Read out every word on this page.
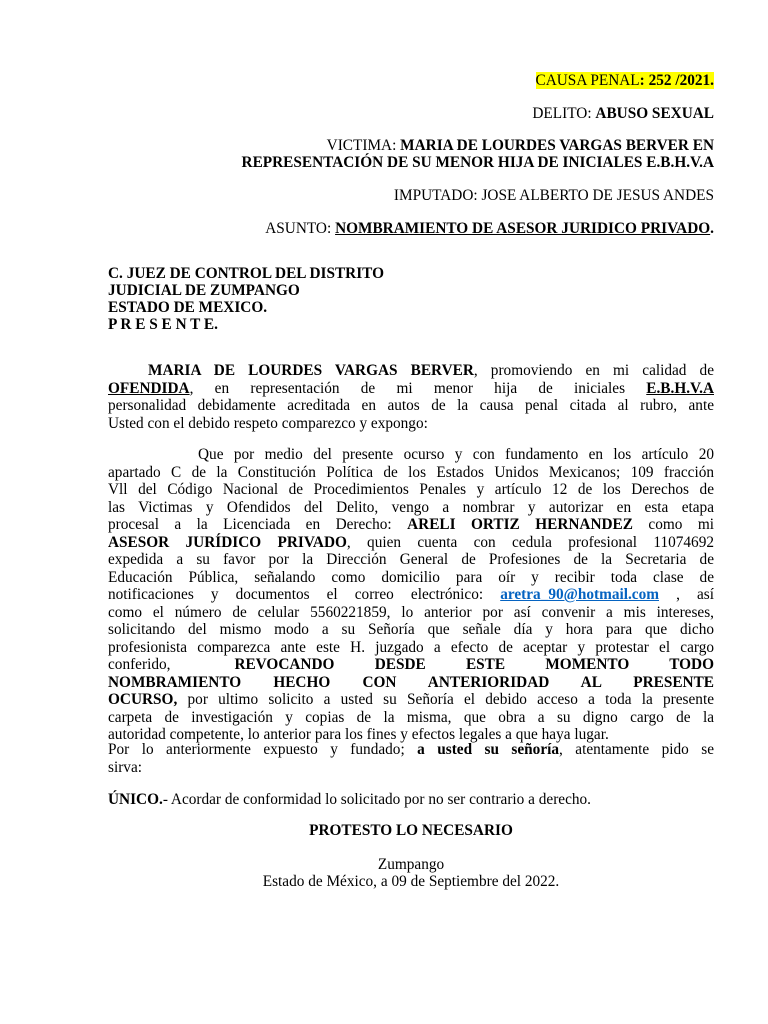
CAUSA PENAL: 252 /2021.
DELITO: ABUSO SEXUAL
VICTIMA: MARIA DE LOURDES VARGAS BERVER EN
REPRESENTACIÓN DE SU MENOR HIJA DE INICIALES E.B.H.V.A
IMPUTADO: JOSE ALBERTO DE JESUS ANDES
ASUNTO: NOMBRAMIENTO DE ASESOR JURIDICO PRIVADO.
C. JUEZ DE CONTROL DEL DISTRITO
JUDICIAL DE ZUMPANGO
ESTADO DE MEXICO.
P R E S E N T E.
MARIA DE LOURDES VARGAS BERVER, promoviendo en mi calidad de
OFENDIDA, en representación de mi menor hija de iniciales E.B.H.V.A
personalidad debidamente acreditada en autos de la causa penal citada al rubro, ante
Usted con el debido respeto comparezco y expongo:
Que por medio del presente ocurso y con fundamento en los artículo 20
apartado C de la Constitución Política de los Estados Unidos Mexicanos; 109 fracción
Vll del Código Nacional de Procedimientos Penales y artículo 12 de los Derechos de
las Victimas y Ofendidos del Delito, vengo a nombrar y autorizar en esta etapa
procesal a la Licenciada en Derecho: ARELI ORTIZ HERNANDEZ como mi
ASESOR JURÍDICO PRIVADO, quien cuenta con cedula profesional 11074692
expedida a su favor por la Dirección General de Profesiones de la Secretaria de
Educación Pública, señalando como domicilio para oír y recibir toda clase de
notificaciones y documentos el correo electrónico: aretra_90@hotmail.com , así
como el número de celular 5560221859, lo anterior por así convenir a mis intereses,
solicitando del mismo modo a su Señoría que señale día y hora para que dicho
profesionista comparezca ante este H. juzgado a efecto de aceptar y protestar el cargo
conferido,	REVOCANDO DESDE ESTE MOMENTO TODO
NOMBRAMIENTO HECHO CON ANTERIORIDAD AL PRESENTE
OCURSO, por ultimo solicito a usted su Señoría el debido acceso a toda la presente
carpeta de investigación y copias de la misma, que obra a su digno cargo de la
autoridad competente, lo anterior para los fines y efectos legales a que haya lugar.
Por lo anteriormente expuesto y fundado; a usted su señoría, atentamente pido se
sirva:
ÚNICO.- Acordar de conformidad lo solicitado por no ser contrario a derecho.
PROTESTO LO NECESARIO
Zumpango
Estado de México, a 09 de Septiembre del 2022.
